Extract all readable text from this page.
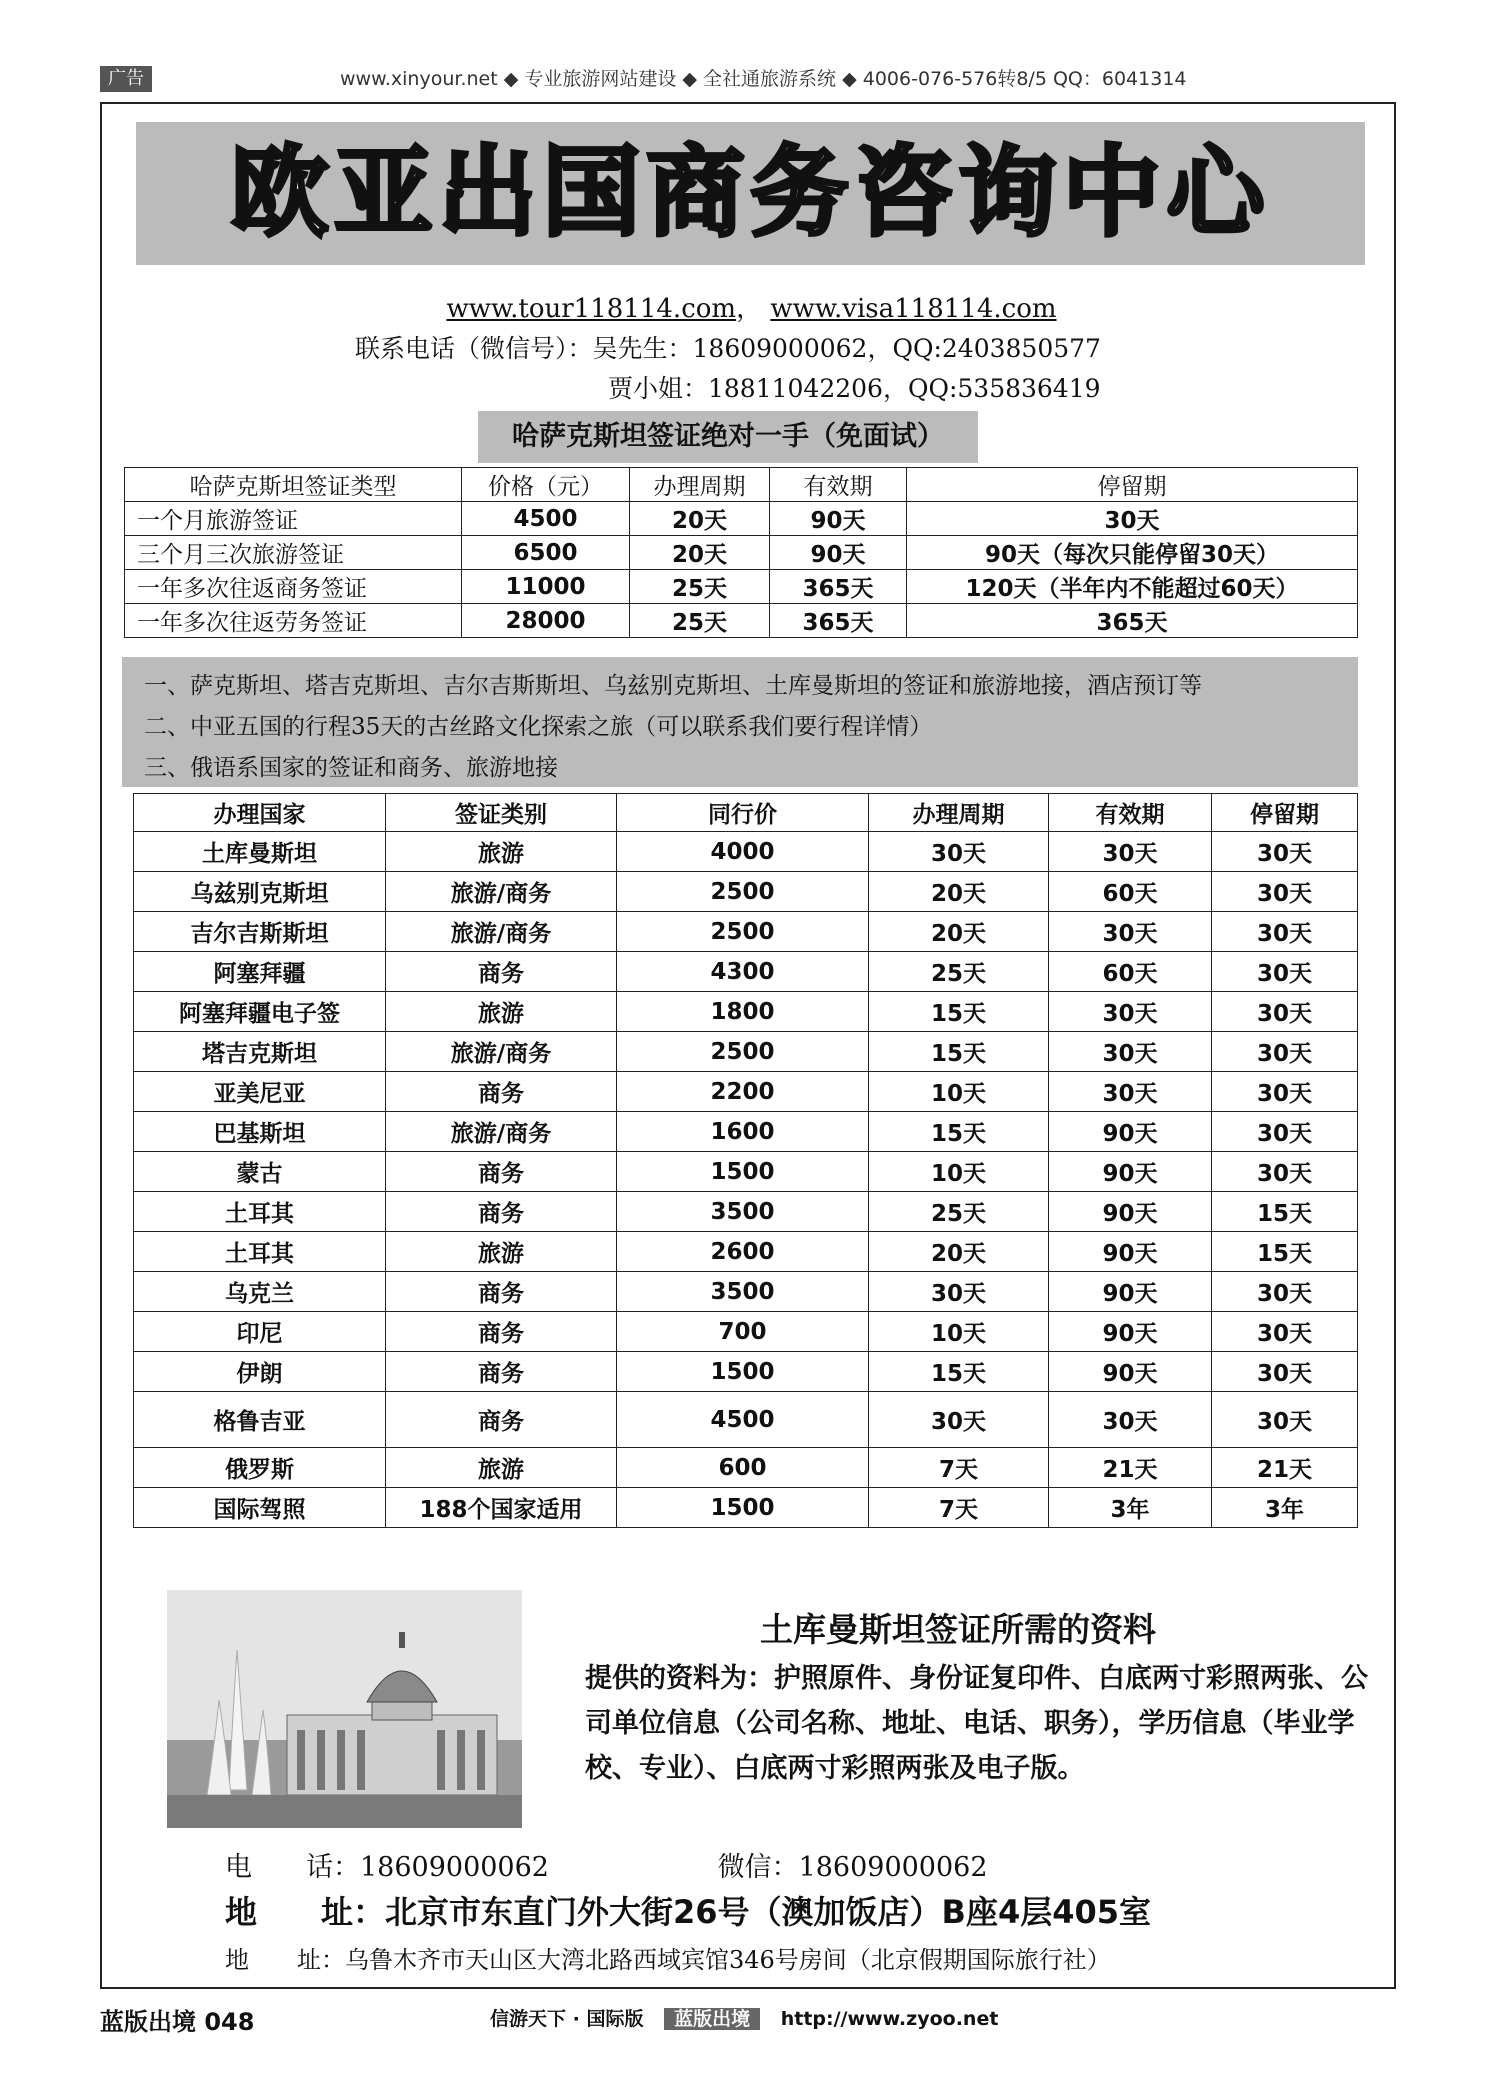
广告	www.xinyour.net ◆ 专业旅游网站建设 ◆ 全社通旅游系统 ◆ 4006-076-576转8/5 QQ：6041314
欧亚出国商务咨询中心
www.tour118114.com， www.visa118114.com
联系电话（微信号）：吴先生：18609000062，QQ:2403850577
贾小姐：18811042206，QQ:535836419
哈萨克斯坦签证绝对一手（免面试）
哈萨克斯坦签证类型	价格（元）	办理周期	有效期	停留期
一个月旅游签证	4500	20天	90天	30天
三个月三次旅游签证	6500	20天	90天	90天（每次只能停留30天）
一年多次往返商务签证	11000	25天	365天	120天（半年内不能超过60天）
一年多次往返劳务签证	28000	25天	365天	365天
一、萨克斯坦、塔吉克斯坦、吉尔吉斯斯坦、乌兹别克斯坦、土库曼斯坦的签证和旅游地接，酒店预订等
二、中亚五国的行程35天的古丝路文化探索之旅（可以联系我们要行程详情）
三、俄语系国家的签证和商务、旅游地接
办理国家	签证类别	同行价	办理周期	有效期	停留期
土库曼斯坦	旅游	4000	30天	30天	30天
乌兹别克斯坦	旅游/商务	2500	20天	60天	30天
吉尔吉斯斯坦	旅游/商务	2500	20天	30天	30天
阿塞拜疆	商务	4300	25天	60天	30天
阿塞拜疆电子签	旅游	1800	15天	30天	30天
塔吉克斯坦	旅游/商务	2500	15天	30天	30天
亚美尼亚	商务	2200	10天	30天	30天
巴基斯坦	旅游/商务	1600	15天	90天	30天
蒙古	商务	1500	10天	90天	30天
土耳其	商务	3500	25天	90天	15天
土耳其	旅游	2600	20天	90天	15天
乌克兰	商务	3500	30天	90天	30天
印尼	商务	700	10天	90天	30天
伊朗	商务	1500	15天	90天	30天
格鲁吉亚	商务	4500	30天	30天	30天
俄罗斯	旅游	600	7天	21天	21天
国际驾照	188个国家适用	1500	7天	3年	3年
土库曼斯坦签证所需的资料
提供的资料为：护照原件、身份证复印件、白底两寸彩照两张、公司单位信息（公司名称、地址、电话、职务），学历信息（毕业学校、专业）、白底两寸彩照两张及电子版。
电　　话：18609000062	微信：18609000062
地　　址：北京市东直门外大街26号（澳加饭店）B座4层405室
地　　址：乌鲁木齐市天山区大湾北路西域宾馆346号房间（北京假期国际旅行社）
蓝版出境 048	信游天下 · 国际版 蓝版出境 http://www.zyoo.net
